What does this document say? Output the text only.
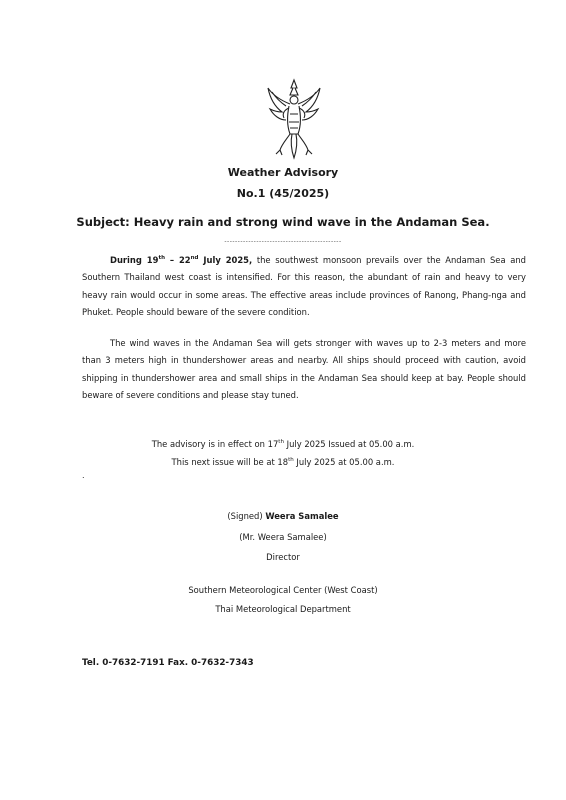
Weather Advisory
No.1 (45/2025)
Subject: Heavy rain and strong wind wave in the Andaman Sea.
--------------------------------------------
During 19th – 22nd July 2025, the southwest monsoon prevails over the Andaman Sea and Southern Thailand west coast is intensified. For this reason, the abundant of rain and heavy to very heavy rain would occur in some areas. The effective areas include provinces of Ranong, Phang-nga and Phuket. People should beware of the severe condition.
The wind waves in the Andaman Sea will gets stronger with waves up to 2-3 meters and more than 3 meters high in thundershower areas and nearby. All ships should proceed with caution, avoid shipping in thundershower area and small ships in the Andaman Sea should keep at bay. People should beware of severe conditions and please stay tuned.
The advisory is in effect on 17th July 2025 Issued at 05.00 a.m.
This next issue will be at 18th July 2025 at 05.00 a.m.
.
(Signed) Weera Samalee
(Mr. Weera Samalee)
Director
Southern Meteorological Center (West Coast)
Thai Meteorological Department
Tel. 0-7632-7191 Fax. 0-7632-7343
